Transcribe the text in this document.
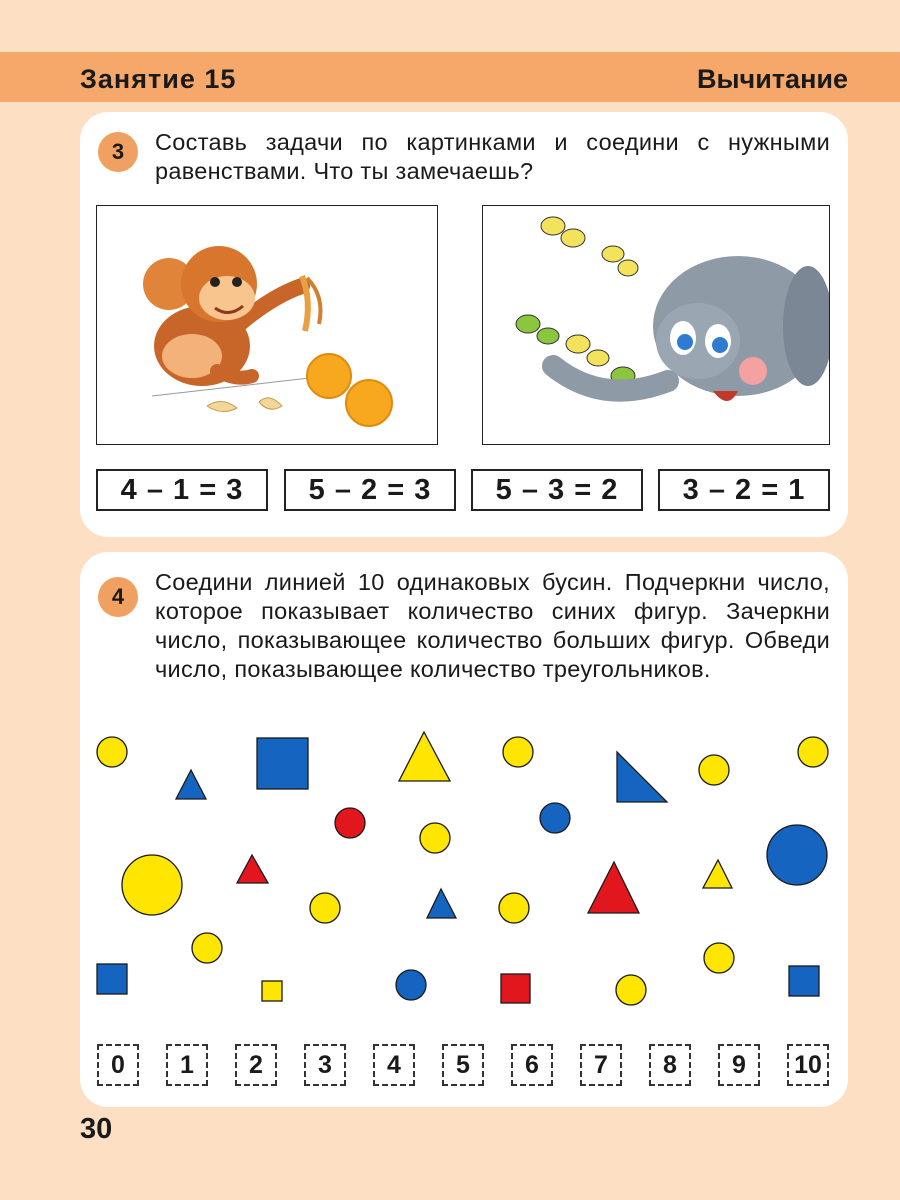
Занятие 15	Вычитание
3	Составь задачи по картинками и соедини с нужными равенствами. Что ты замечаешь?
4 – 1 = 3	5 – 2 = 3	5 – 3 = 2	3 – 2 = 1
4
Соедини линией 10 одинаковых бусин. Подчеркни число, которое показывает количество синих фигур. Зачеркни число, показывающее количество больших фигур. Обведи число, показывающее количество треугольников.
0	1	2	3	4	5	6	7	8	9	10
30
